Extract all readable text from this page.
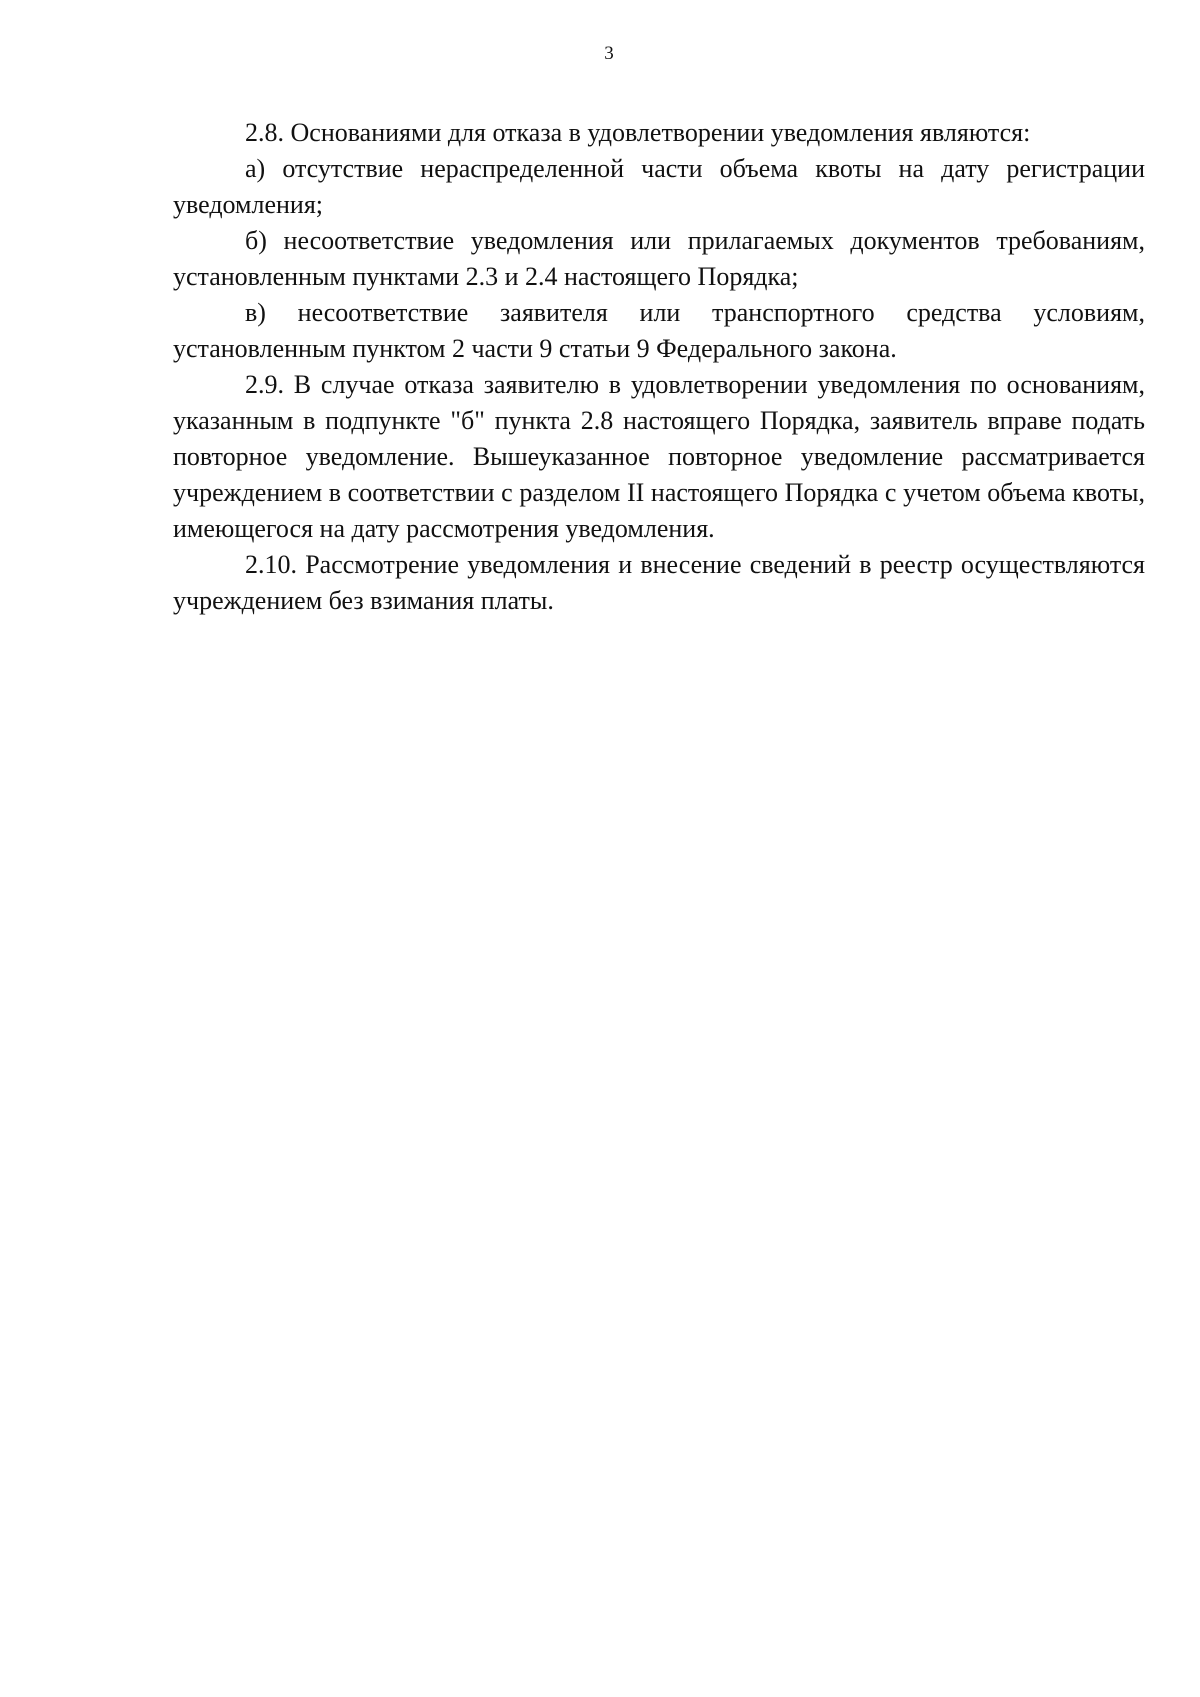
3

2.8. Основаниями для отказа в удовлетворении уведомления являются:

а) отсутствие нераспределенной части объема квоты на дату регистрации уведомления;

б) несоответствие уведомления или прилагаемых документов требованиям, установленным пунктами 2.3 и 2.4 настоящего Порядка;

в) несоответствие заявителя или транспортного средства условиям, установленным пунктом 2 части 9 статьи 9 Федерального закона.

2.9. В случае отказа заявителю в удовлетворении уведомления по основаниям, указанным в подпункте "б" пункта 2.8 настоящего Порядка, заявитель вправе подать повторное уведомление. Вышеуказанное повторное уведомление рассматривается учреждением в соответствии с разделом II настоящего Порядка с учетом объема квоты, имеющегося на дату рассмотрения уведомления.

2.10. Рассмотрение уведомления и внесение сведений в реестр осуществляются учреждением без взимания платы.
